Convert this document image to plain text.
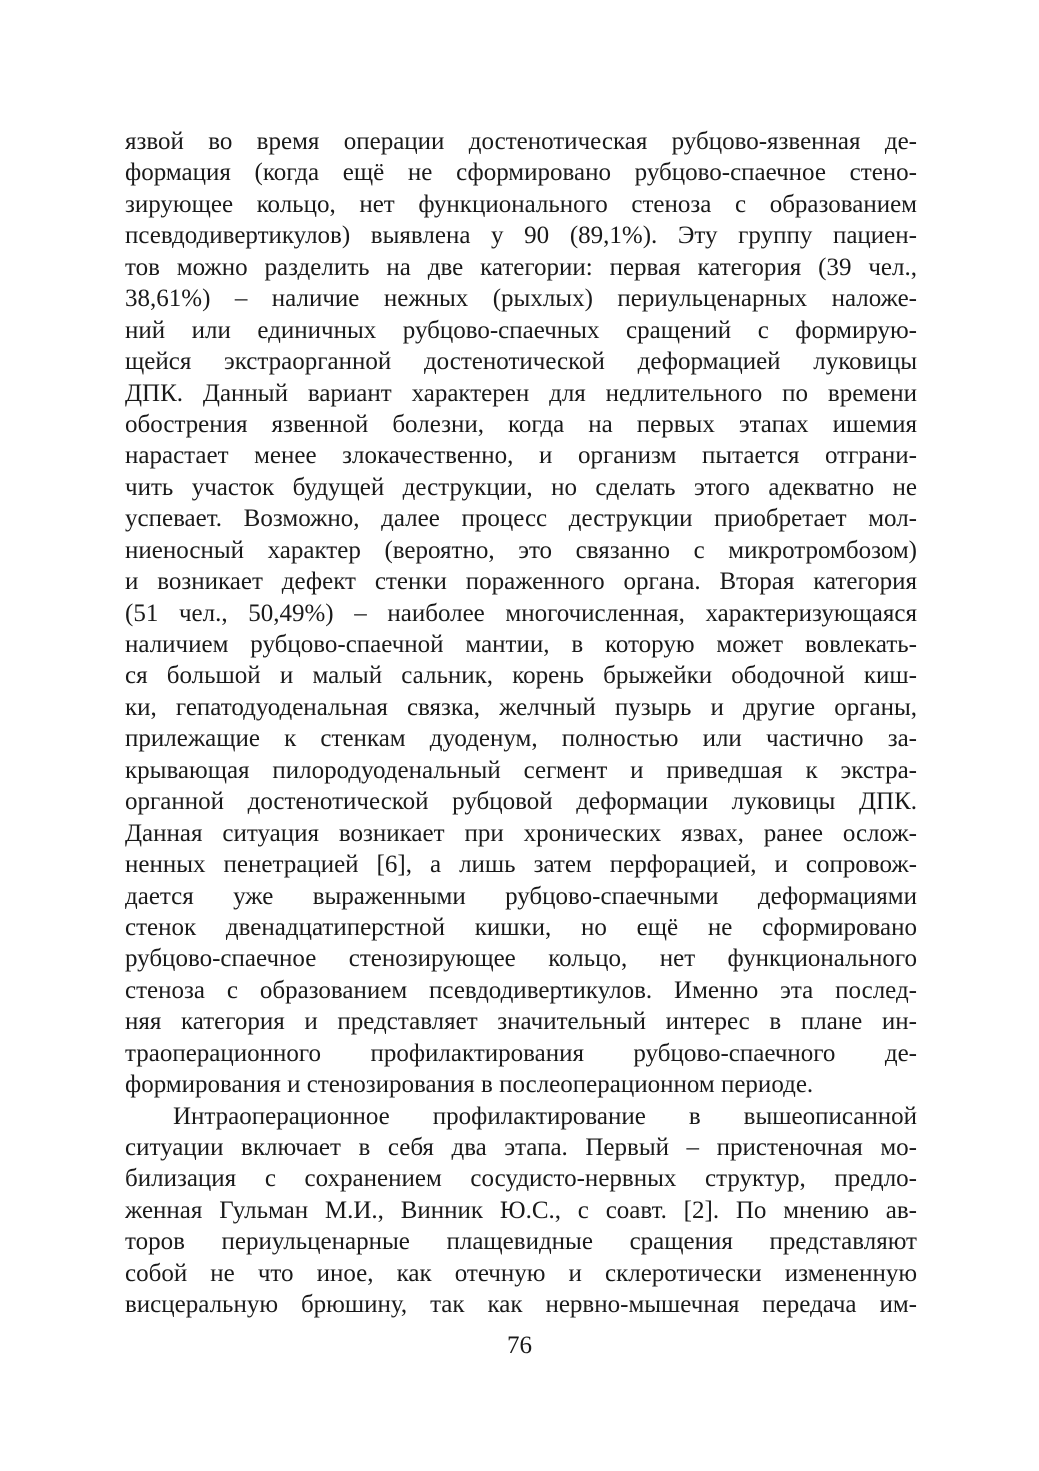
язвой во время операции достенотическая рубцово-язвенная де-
формация (когда ещё не сформировано рубцово-спаечное стено-
зирующее кольцо, нет функционального стеноза с образованием
псевдодивертикулов) выявлена у 90 (89,1%). Эту группу пациен-
тов можно разделить на две категории: первая категория (39 чел.,
38,61%) – наличие нежных (рыхлых) периульценарных наложе-
ний или единичных рубцово-спаечных сращений с формирую-
щейся экстраорганной достенотической деформацией луковицы
ДПК. Данный вариант характерен для недлительного по времени
обострения язвенной болезни, когда на первых этапах ишемия
нарастает менее злокачественно, и организм пытается отграни-
чить участок будущей деструкции, но сделать этого адекватно не
успевает. Возможно, далее процесс деструкции приобретает мол-
ниеносный характер (вероятно, это связанно с микротромбозом)
и возникает дефект стенки пораженного органа. Вторая категория
(51 чел., 50,49%) – наиболее многочисленная, характеризующаяся
наличием рубцово-спаечной мантии, в которую может вовлекать-
ся большой и малый сальник, корень брыжейки ободочной киш-
ки, гепатодуоденальная связка, желчный пузырь и другие органы,
прилежащие к стенкам дуоденум, полностью или частично за-
крывающая пилородуоденальный сегмент и приведшая к экстра-
органной достенотической рубцовой деформации луковицы ДПК.
Данная ситуация возникает при хронических язвах, ранее ослож-
ненных пенетрацией [6], а лишь затем перфорацией, и сопровож-
дается уже выраженными рубцово-спаечными деформациями
стенок двенадцатиперстной кишки, но ещё не сформировано
рубцово-спаечное стенозирующее кольцо, нет функционального
стеноза с образованием псевдодивертикулов. Именно эта послед-
няя категория и представляет значительный интерес в плане ин-
траоперационного профилактирования рубцово-спаечного де-
формирования и стенозирования в послеоперационном периоде.
Интраоперационное профилактирование в вышеописанной
ситуации включает в себя два этапа. Первый – пристеночная мо-
билизация с сохранением сосудисто-нервных структур, предло-
женная Гульман М.И., Винник Ю.С., с соавт. [2]. По мнению ав-
торов периульценарные плащевидные сращения представляют
собой не что иное, как отечную и склеротически измененную
висцеральную брюшину, так как нервно-мышечная передача им-
76
